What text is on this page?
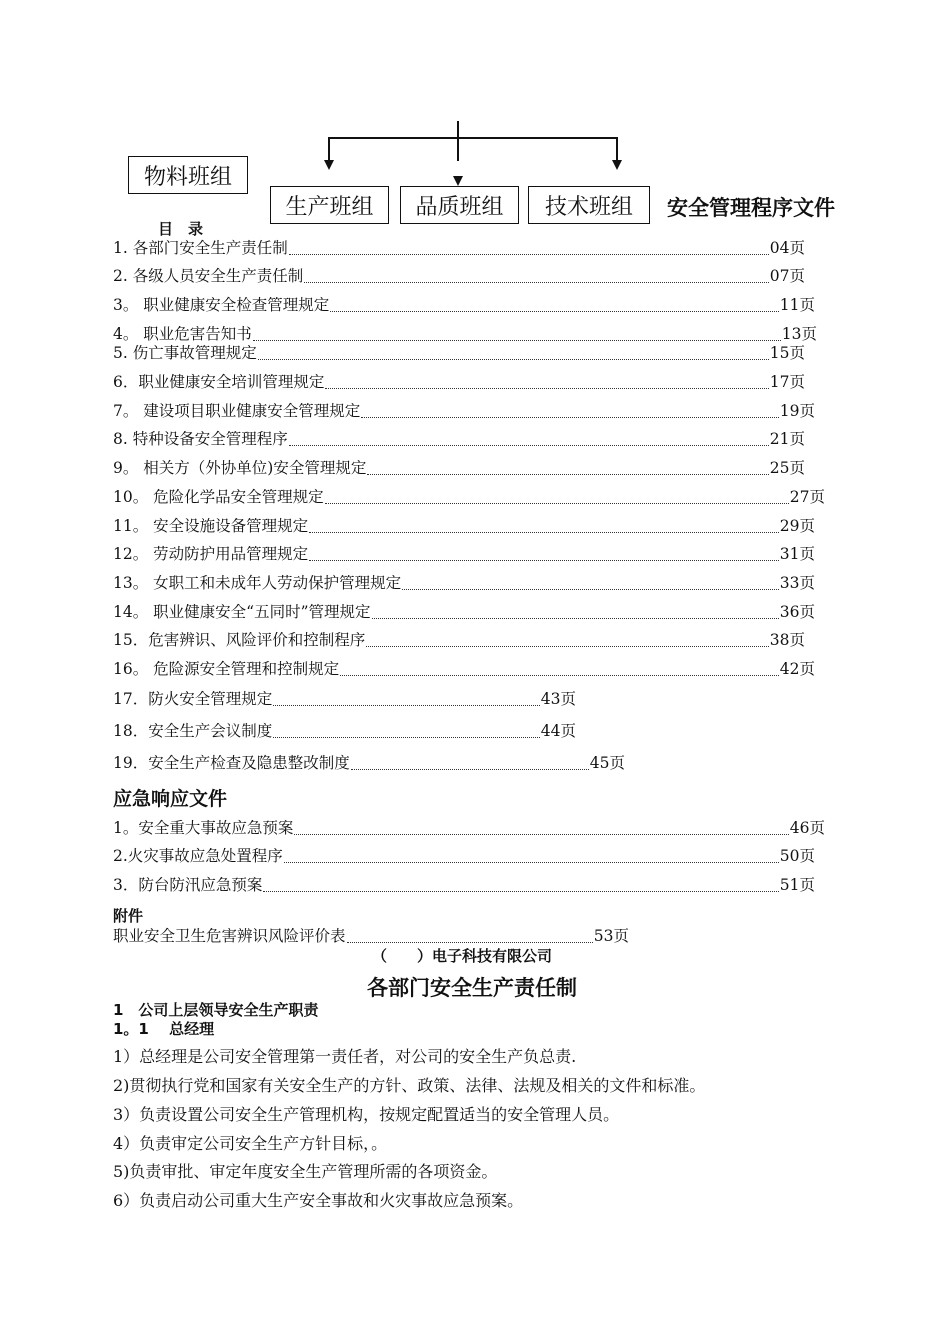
物料班组
生产班组	品质班组	技术班组	安全管理程序文件
目　录
1. 各部门安全生产责任制	04页
2. 各级人员安全生产责任制	07页
3。 职业健康安全检查管理规定	11页
4。 职业危害告知书	13页
5. 伤亡事故管理规定	15页
6．职业健康安全培训管理规定	17页
7。 建设项目职业健康安全管理规定	19页
8. 特种设备安全管理程序	21页
9。 相关方（外协单位)安全管理规定	25页
10。 危险化学品安全管理规定	27页
11。 安全设施设备管理规定	29页
12。 劳动防护用品管理规定	31页
13。 女职工和未成年人劳动保护管理规定	33页
14。 职业健康安全“五同时”管理规定	36页
15．危害辨识、风险评价和控制程序	38页
16。 危险源安全管理和控制规定	42页
17．防火安全管理规定	43页
18．安全生产会议制度	44页
19．安全生产检查及隐患整改制度	45页
应急响应文件
1。安全重大事故应急预案	46页
2.火灾事故应急处置程序	50页
3．防台防汛应急预案	51页
附件
职业安全卫生危害辨识风险评价表	53页
（　　）电子科技有限公司
各部门安全生产责任制
1　公司上层领导安全生产职责
1。1　 总经理
1）总经理是公司安全管理第一责任者，对公司的安全生产负总责.
2)贯彻执行党和国家有关安全生产的方针、政策、法律、法规及相关的文件和标准。
3）负责设置公司安全生产管理机构，按规定配置适当的安全管理人员。
4）负责审定公司安全生产方针目标，。
5)负责审批、审定年度安全生产管理所需的各项资金。
6）负责启动公司重大生产安全事故和火灾事故应急预案。
